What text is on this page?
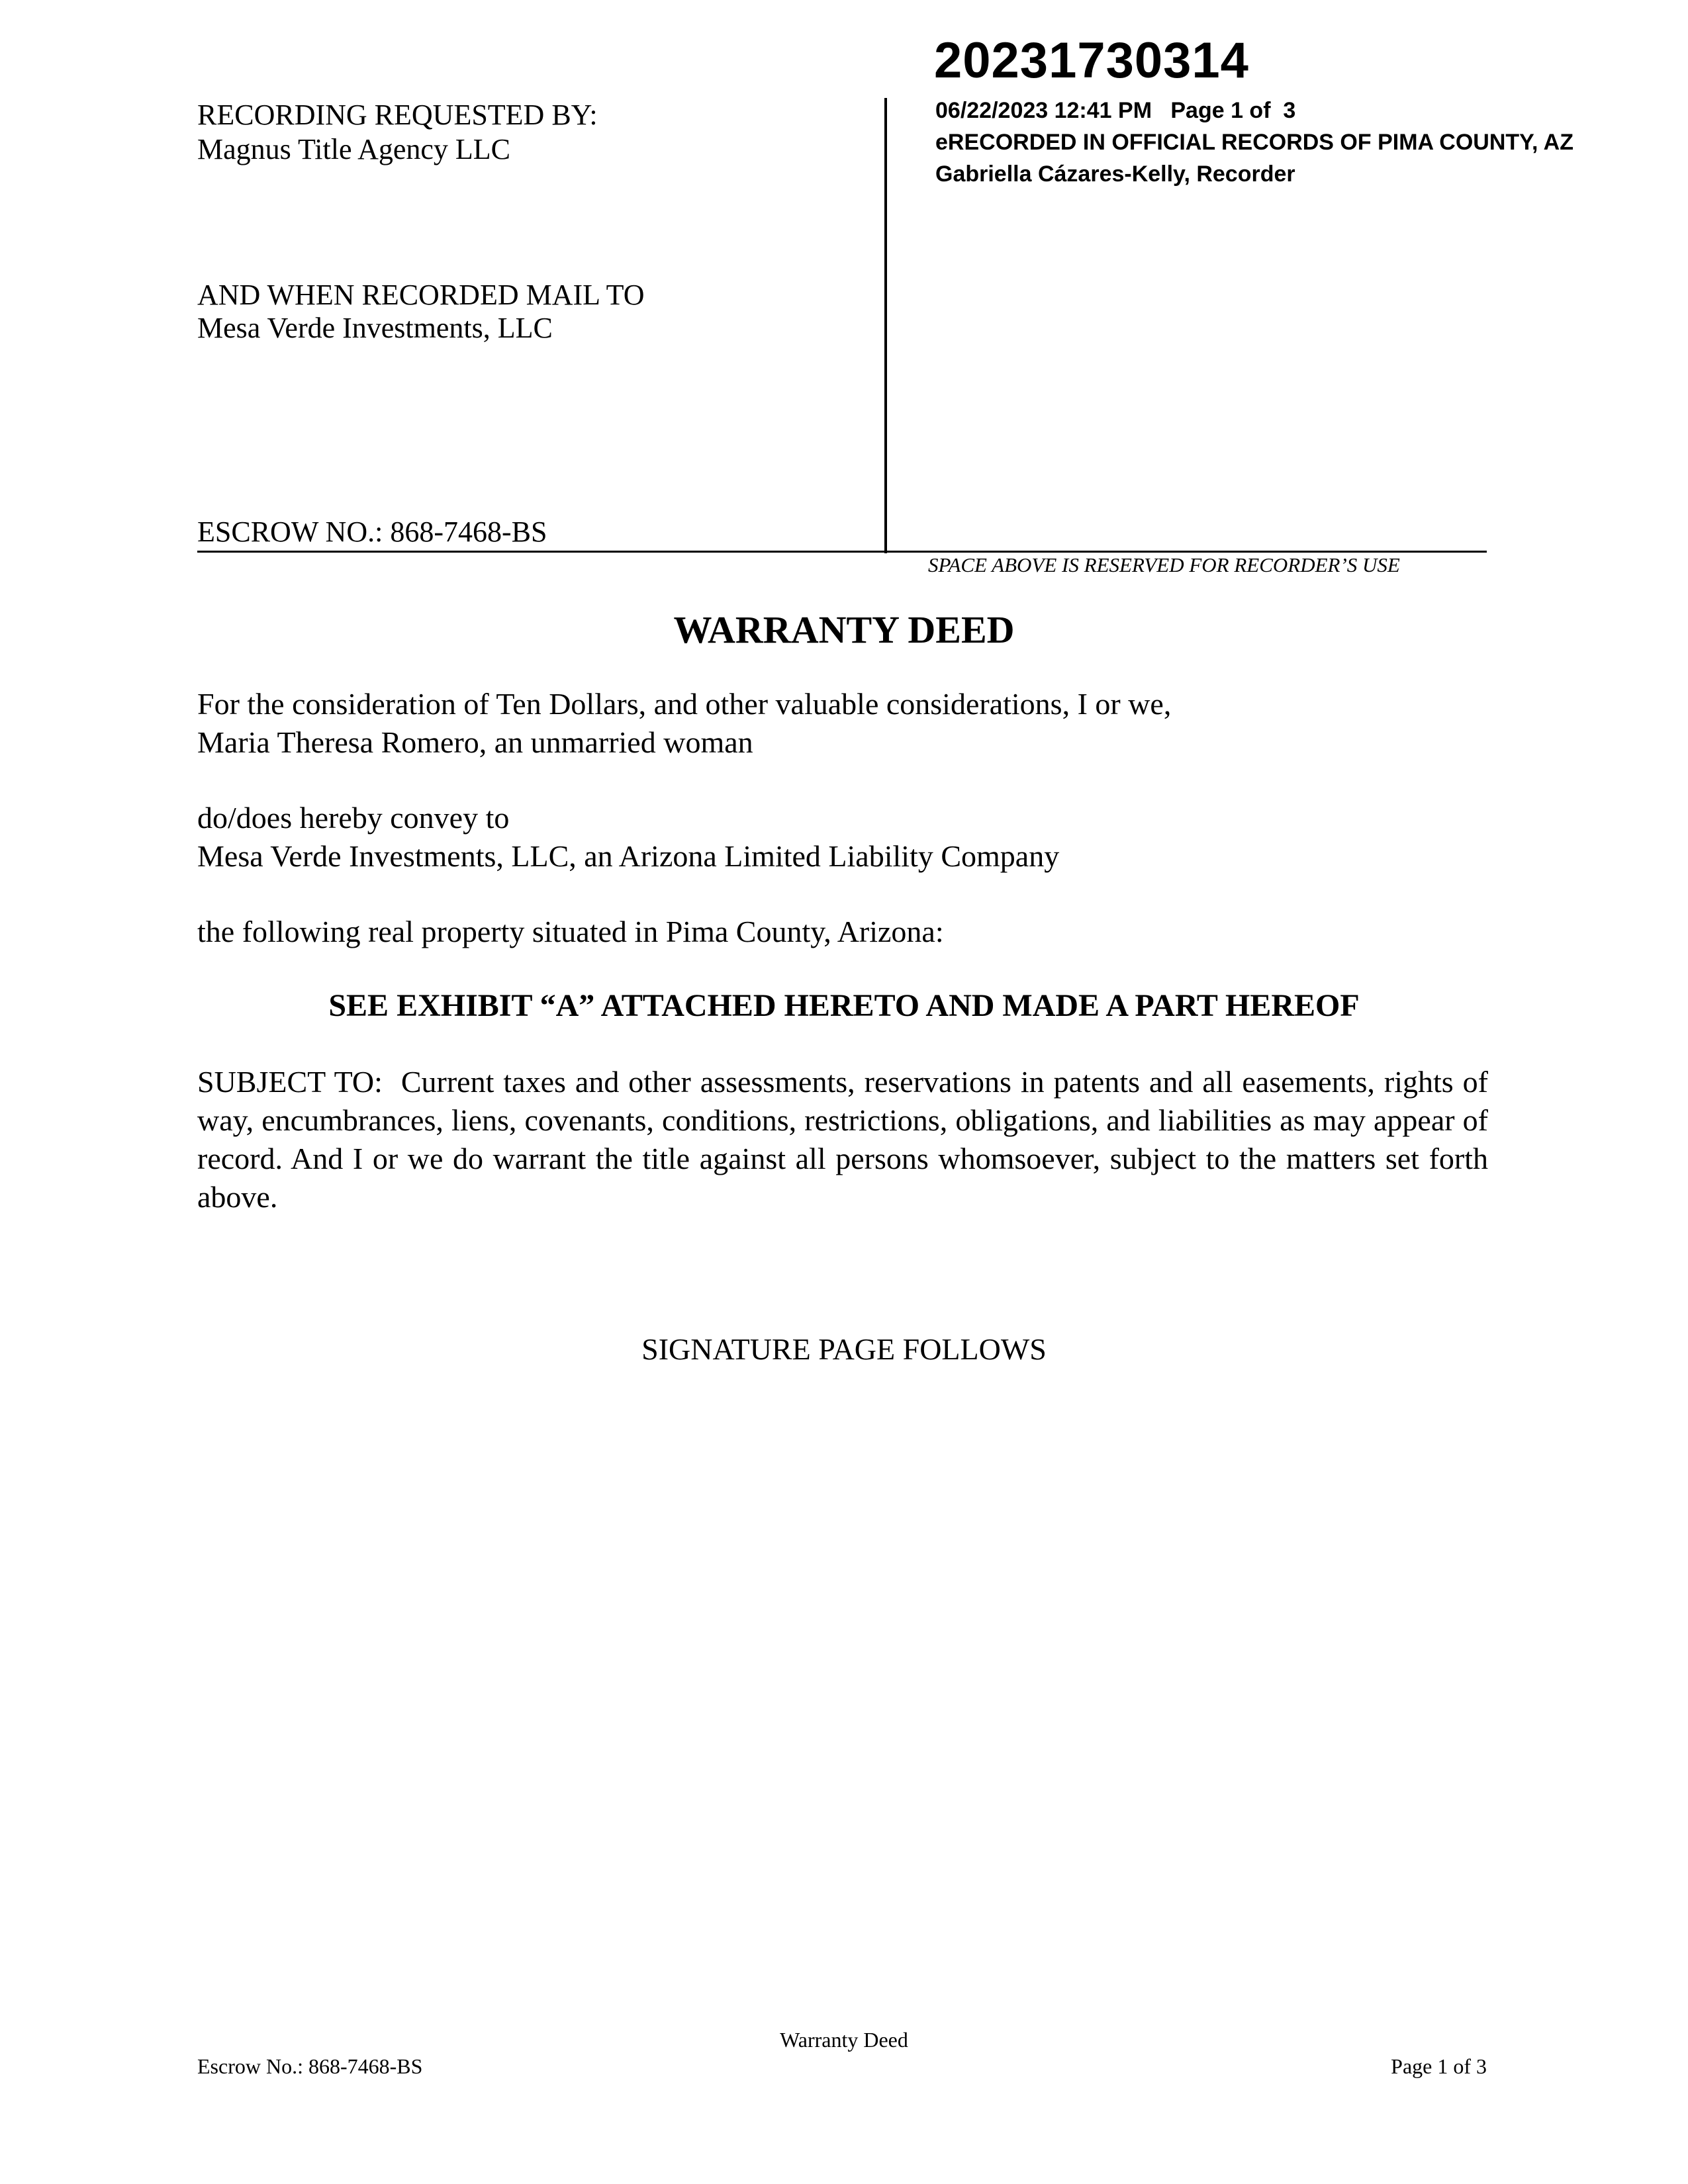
20231730314
06/22/2023 12:41 PM   Page 1 of  3
eRECORDED IN OFFICIAL RECORDS OF PIMA COUNTY, AZ
Gabriella Cázares-Kelly, Recorder
RECORDING REQUESTED BY:
Magnus Title Agency LLC
AND WHEN RECORDED MAIL TO
Mesa Verde Investments, LLC
ESCROW NO.: 868-7468-BS
SPACE ABOVE IS RESERVED FOR RECORDER’S USE
WARRANTY DEED
For the consideration of Ten Dollars, and other valuable considerations, I or we,
Maria Theresa Romero, an unmarried woman
do/does hereby convey to
Mesa Verde Investments, LLC, an Arizona Limited Liability Company
the following real property situated in Pima County, Arizona:
SEE EXHIBIT “A” ATTACHED HERETO AND MADE A PART HEREOF
SUBJECT TO:  Current taxes and other assessments, reservations in patents and all easements, rights of way, encumbrances, liens, covenants, conditions, restrictions, obligations, and liabilities as may appear of record. And I or we do warrant the title against all persons whomsoever, subject to the matters set forth above.
SIGNATURE PAGE FOLLOWS
Warranty Deed
Escrow No.: 868-7468-BS	Page 1 of 3
